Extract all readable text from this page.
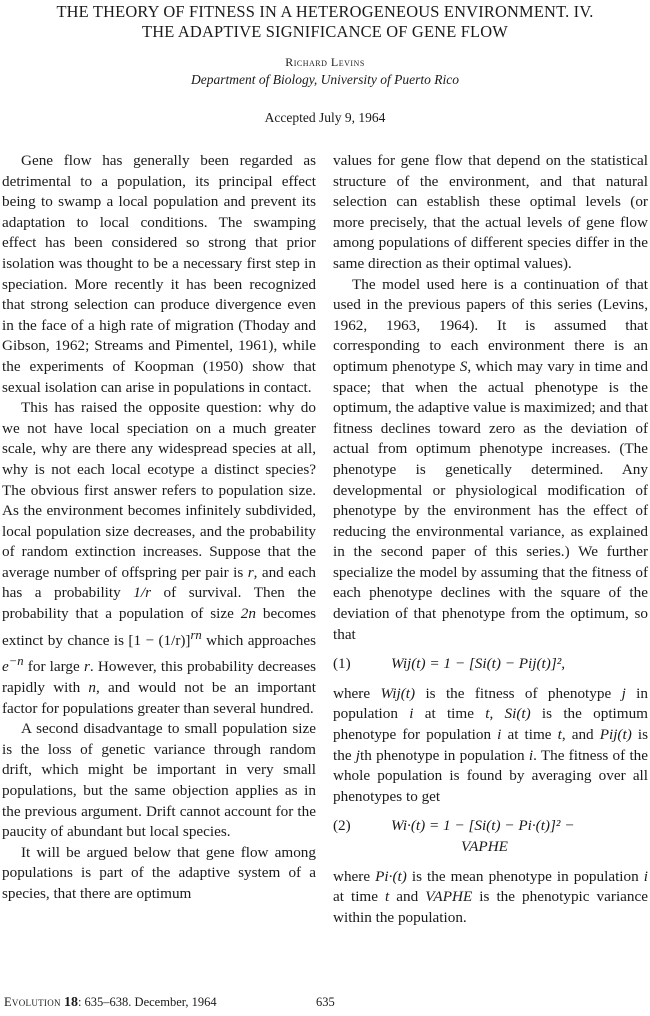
THE THEORY OF FITNESS IN A HETEROGENEOUS ENVIRONMENT. IV.
THE ADAPTIVE SIGNIFICANCE OF GENE FLOW
Richard Levins
Department of Biology, University of Puerto Rico
Accepted July 9, 1964

Gene flow has generally been regarded as detrimental to a population, its principal effect being to swamp a local population and prevent its adaptation to local conditions. The swamping effect has been considered so strong that prior isolation was thought to be a necessary first step in speciation. More recently it has been recognized that strong selection can produce divergence even in the face of a high rate of migration (Thoday and Gibson, 1962; Streams and Pimentel, 1961), while the experiments of Koopman (1950) show that sexual isolation can arise in populations in contact.

This has raised the opposite question: why do we not have local speciation on a much greater scale, why are there any widespread species at all, why is not each local ecotype a distinct species? The obvious first answer refers to population size. As the environment becomes infinitely subdivided, local population size decreases, and the probability of random extinction increases. Suppose that the average number of offspring per pair is r, and each has a probability 1/r of survival. Then the probability that a population of size 2n becomes extinct by chance is $[1 - (1/r)]^{rn}$ which approaches $e^{-n}$ for large r. However, this probability decreases rapidly with n, and would not be an important factor for populations greater than several hundred.

A second disadvantage to small population size is the loss of genetic variance through random drift, which might be important in very small populations, but the same objection applies as in the previous argument. Drift cannot account for the paucity of abundant but local species.

It will be argued below that gene flow among populations is part of the adaptive system of a species, that there are optimum

values for gene flow that depend on the statistical structure of the environment, and that natural selection can establish these optimal levels (or more precisely, that the actual levels of gene flow among populations of different species differ in the same direction as their optimal values).

The model used here is a continuation of that used in the previous papers of this series (Levins, 1962, 1963, 1964). It is assumed that corresponding to each environment there is an optimum phenotype S, which may vary in time and space; that when the actual phenotype is the optimum, the adaptive value is maximized; and that fitness declines toward zero as the deviation of actual from optimum phenotype increases. (The phenotype is genetically determined. Any developmental or physiological modification of phenotype by the environment has the effect of reducing the environmental variance, as explained in the second paper of this series.) We further specialize the model by assuming that the fitness of each phenotype declines with the square of the deviation of that phenotype from the optimum, so that

(1)	Wij(t) = 1 − [Si(t) − Pij(t)]²,

where Wij(t) is the fitness of phenotype j in population i at time t, Si(t) is the optimum phenotype for population i at time t, and Pij(t) is the jth phenotype in population i. The fitness of the whole population is found by averaging over all phenotypes to get

(2)	Wi·(t) = 1 − [Si(t) − Pi·(t)]² −
VAPHE

where Pi·(t) is the mean phenotype in population i at time t and VAPHE is the phenotypic variance within the population.

Evolution 18: 635–638. December, 1964	635
